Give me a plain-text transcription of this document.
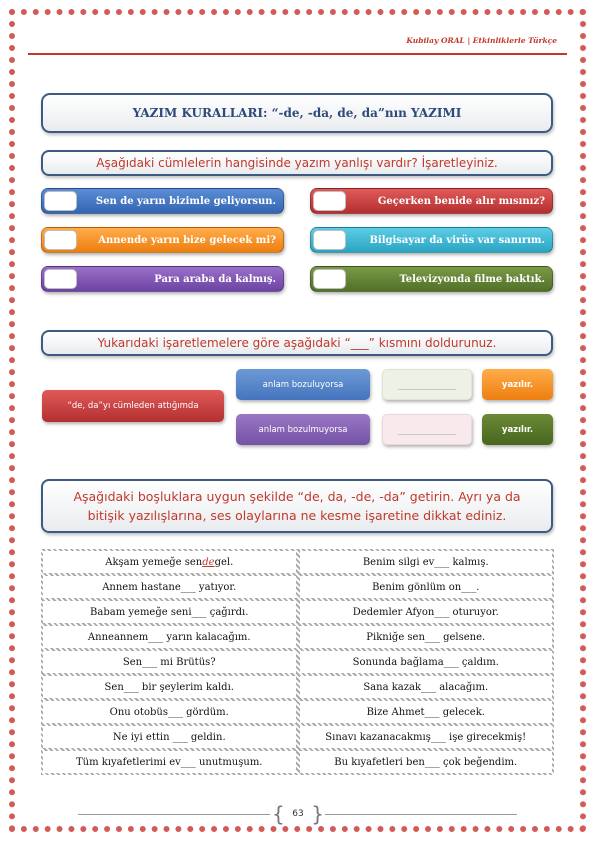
Kubilay ORAL | Etkinliklerle Türkçe
YAZIM KURALLARI: “-de, -da, de, da”nın YAZIMI
Aşağıdaki cümlelerin hangisinde yazım yanlışı vardır? İşaretleyiniz.
Sen de yarın bizimle geliyorsun.	Geçerken benide alır mısınız?
Annende yarın bize gelecek mi?	Bilgisayar da virüs var sanırım.
Para araba da kalmış.	Televizyonda filme baktık.
Yukarıdaki işaretlemelere göre aşağıdaki “___” kısmını doldurunuz.
“de, da”yı cümleden attığımda
anlam bozuluyorsa
anlam bozulmuyorsa
yazılır.
yazılır.
Aşağıdaki boşluklara uygun şekilde “de, da, -de, -da” getirin. Ayrı ya da bitişik yazılışlarına, ses olaylarına ne kesme işaretine dikkat ediniz.
Akşam yemeğe sen de gel.	Benim silgi ev___ kalmış.
Annem hastane___ yatıyor.	Benim gönlüm on___.
Babam yemeğe seni___ çağırdı.	Dedemler Afyon___ oturuyor.
Anneannem___ yarın kalacağım.	Pikniğe sen___ gelsene.
Sen___ mi Brütüs?	Sonunda bağlama___ çaldım.
Sen___ bir şeylerim kaldı.	Sana kazak___ alacağım.
Onu otobüs___ gördüm.	Bize Ahmet___ gelecek.
Ne iyi ettin ___ geldin.	Sınavı kazanacakmış___ işe girecekmiş!
Tüm kıyafetlerimi ev___ unutmuşum.	Bu kıyafetleri ben___ çok beğendim.
{ 63 }
